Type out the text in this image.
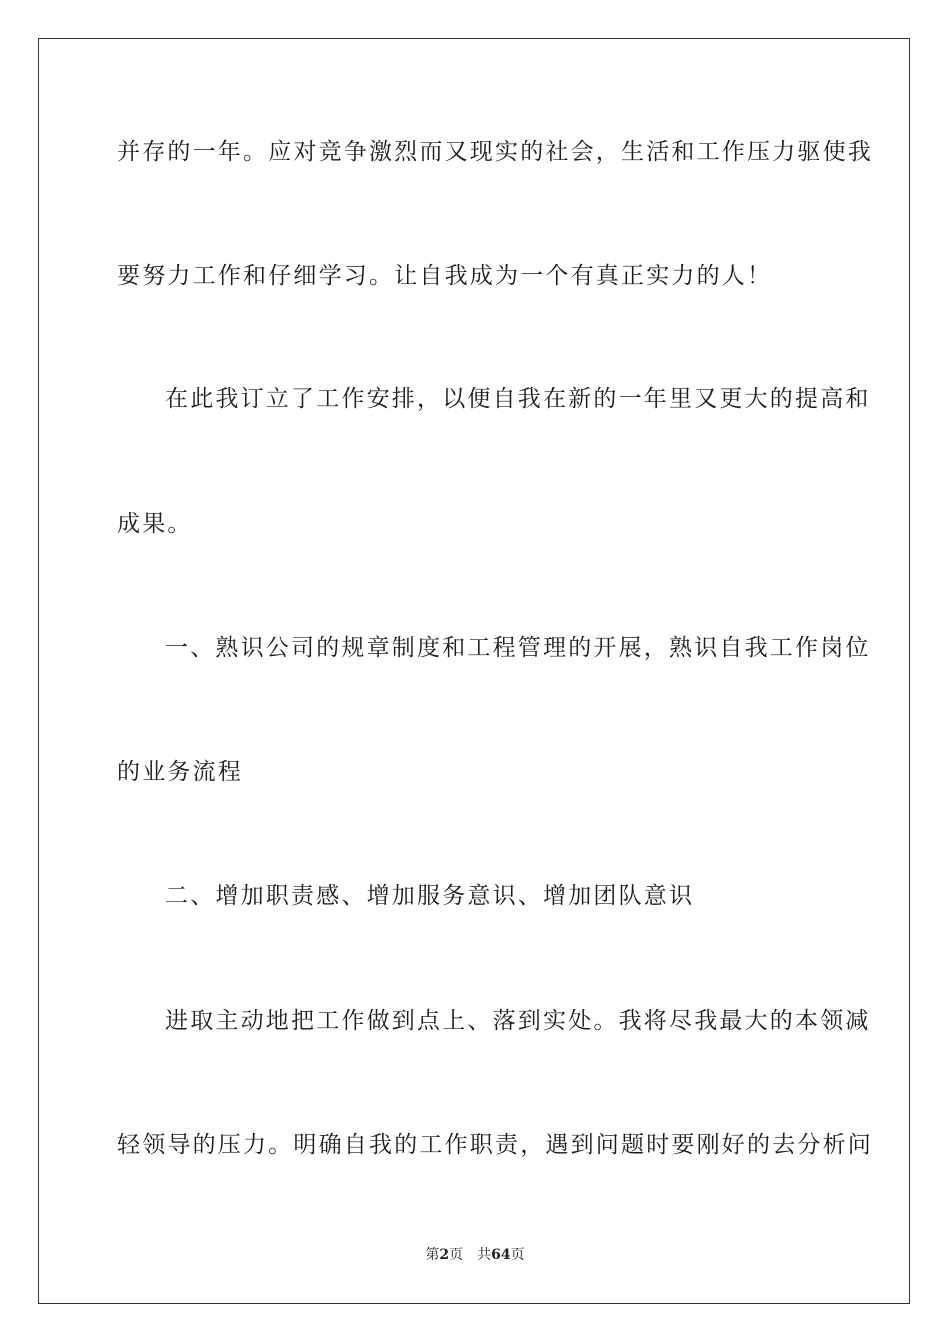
并存的一年。应对竞争激烈而又现实的社会，生活和工作压力驱使我
要努力工作和仔细学习。让自我成为一个有真正实力的人！
在此我订立了工作安排，以便自我在新的一年里又更大的提高和
成果。
一、熟识公司的规章制度和工程管理的开展，熟识自我工作岗位
的业务流程
二、增加职责感、增加服务意识、增加团队意识
进取主动地把工作做到点上、落到实处。我将尽我最大的本领减
轻领导的压力。明确自我的工作职责，遇到问题时要刚好的去分析问
第2页 共64页
